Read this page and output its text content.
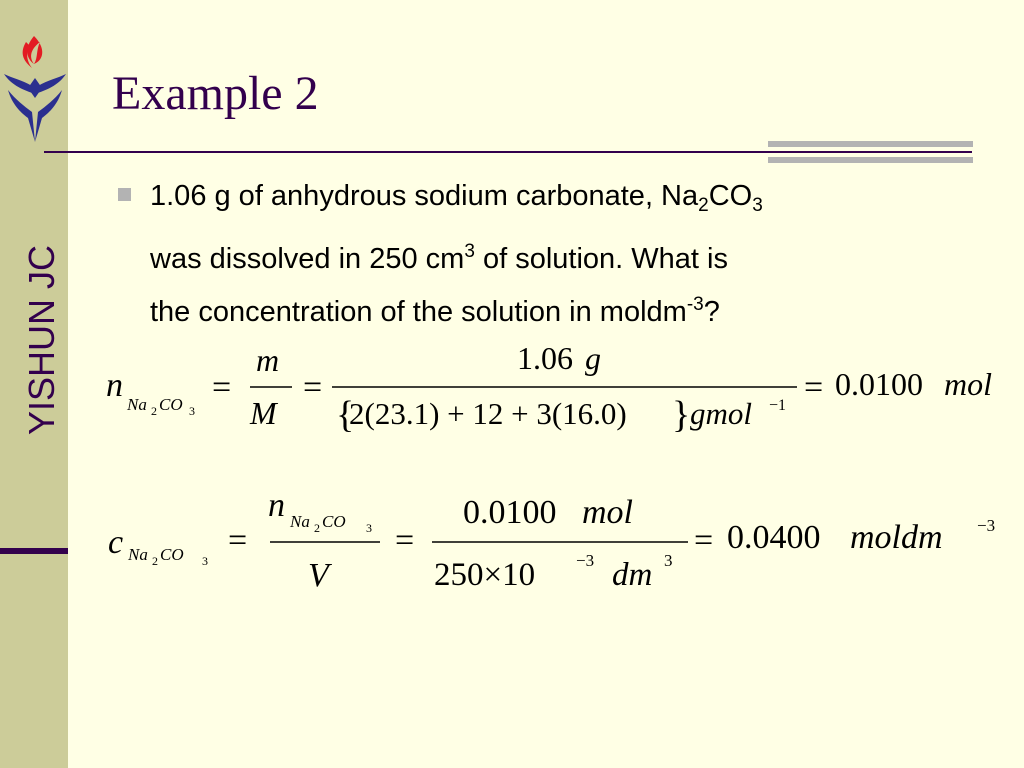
YISHUN JC
Example 2

1.06 g of anhydrous sodium carbonate, $Na_2CO_3$
was dissolved in 250 $cm^3$ of solution. What is
the concentration of the solution in moldm$^{-3}$?

n
Na 2 CO 3
=
m
M
=
1.06 g
{
2(23.1) + 12 + 3(16.0) } gmol −1 = 0.0100 mol
c Na 2 CO 3
=
n Na 2 CO 3
V
=
0.0100 mol
250×10 −3 dm 3
= 0.0400 moldm −3
